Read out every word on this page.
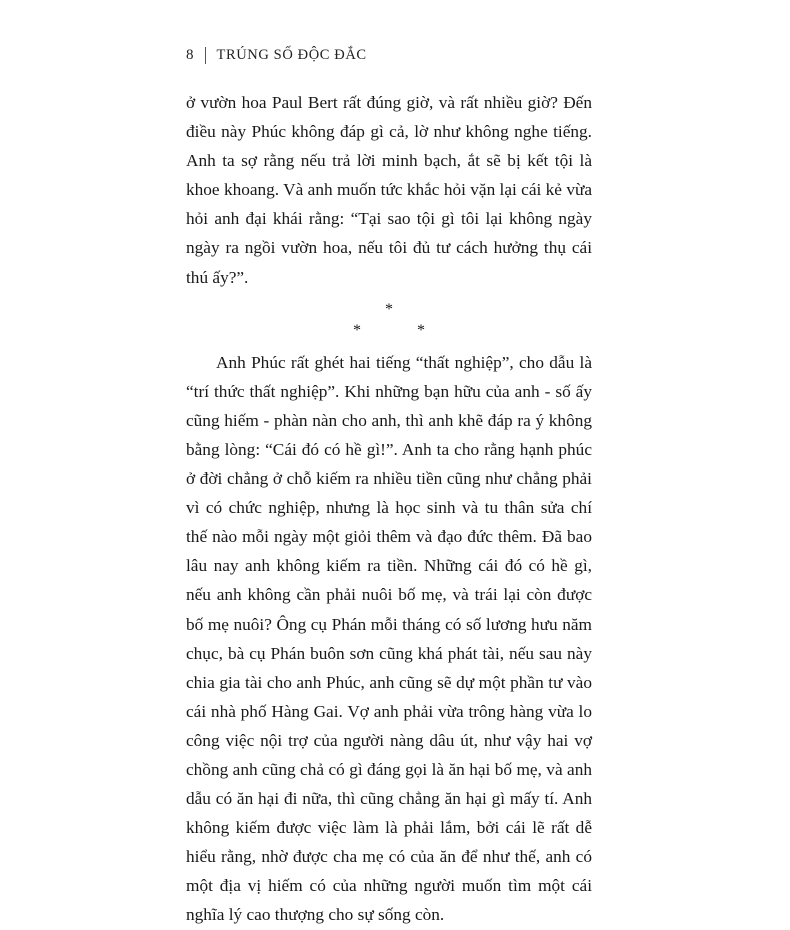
8 TRÚNG SỐ ĐỘC ĐẮC

ở vườn hoa Paul Bert rất đúng giờ, và rất nhiều giờ? Đến điều này Phúc không đáp gì cả, lờ như không nghe tiếng. Anh ta sợ rằng nếu trả lời minh bạch, ắt sẽ bị kết tội là khoe khoang. Và anh muốn tức khắc hỏi vặn lại cái kẻ vừa hỏi anh đại khái rằng: “Tại sao tội gì tôi lại không ngày ngày ra ngồi vườn hoa, nếu tôi đủ tư cách hưởng thụ cái thú ấy?”.

*
* *

Anh Phúc rất ghét hai tiếng “thất nghiệp”, cho dẫu là “trí thức thất nghiệp”. Khi những bạn hữu của anh - số ấy cũng hiếm - phàn nàn cho anh, thì anh khẽ đáp ra ý không bằng lòng: “Cái đó có hề gì!”. Anh ta cho rằng hạnh phúc ở đời chẳng ở chỗ kiếm ra nhiều tiền cũng như chẳng phải vì có chức nghiệp, nhưng là học sinh và tu thân sửa chí thế nào mỗi ngày một giỏi thêm và đạo đức thêm. Đã bao lâu nay anh không kiếm ra tiền. Những cái đó có hề gì, nếu anh không cần phải nuôi bố mẹ, và trái lại còn được bố mẹ nuôi? Ông cụ Phán mỗi tháng có số lương hưu năm chục, bà cụ Phán buôn sơn cũng khá phát tài, nếu sau này chia gia tài cho anh Phúc, anh cũng sẽ dự một phần tư vào cái nhà phố Hàng Gai. Vợ anh phải vừa trông hàng vừa lo công việc nội trợ của người nàng dâu út, như vậy hai vợ chồng anh cũng chả có gì đáng gọi là ăn hại bố mẹ, và anh dẫu có ăn hại đi nữa, thì cũng chẳng ăn hại gì mấy tí. Anh không kiếm được việc làm là phải lắm, bởi cái lẽ rất dễ hiểu rằng, nhờ được cha mẹ có của ăn để như thế, anh có một địa vị hiếm có của những người muốn tìm một cái nghĩa lý cao thượng cho sự sống còn.
